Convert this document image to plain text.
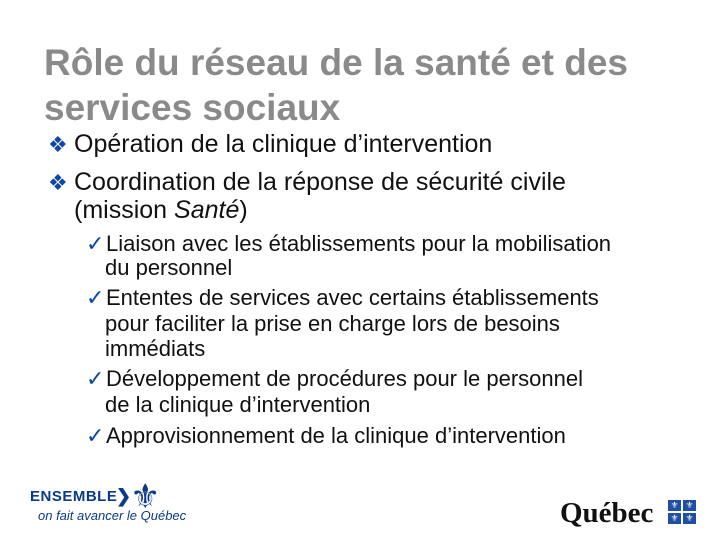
Rôle du réseau de la santé et des
services sociaux
❖ Opération de la clinique d’intervention
❖ Coordination de la réponse de sécurité civile
(mission Santé)
✓Liaison avec les établissements pour la mobilisation
du personnel
✓Ententes de services avec certains établissements
pour faciliter la prise en charge lors de besoins
immédiats
✓Développement de procédures pour le personnel
de la clinique d’intervention
✓Approvisionnement de la clinique d’intervention
ENSEMBLE
❯
⚜
on fait avancer le Québec	Québec ⚜ ⚜
⚜ ⚜
